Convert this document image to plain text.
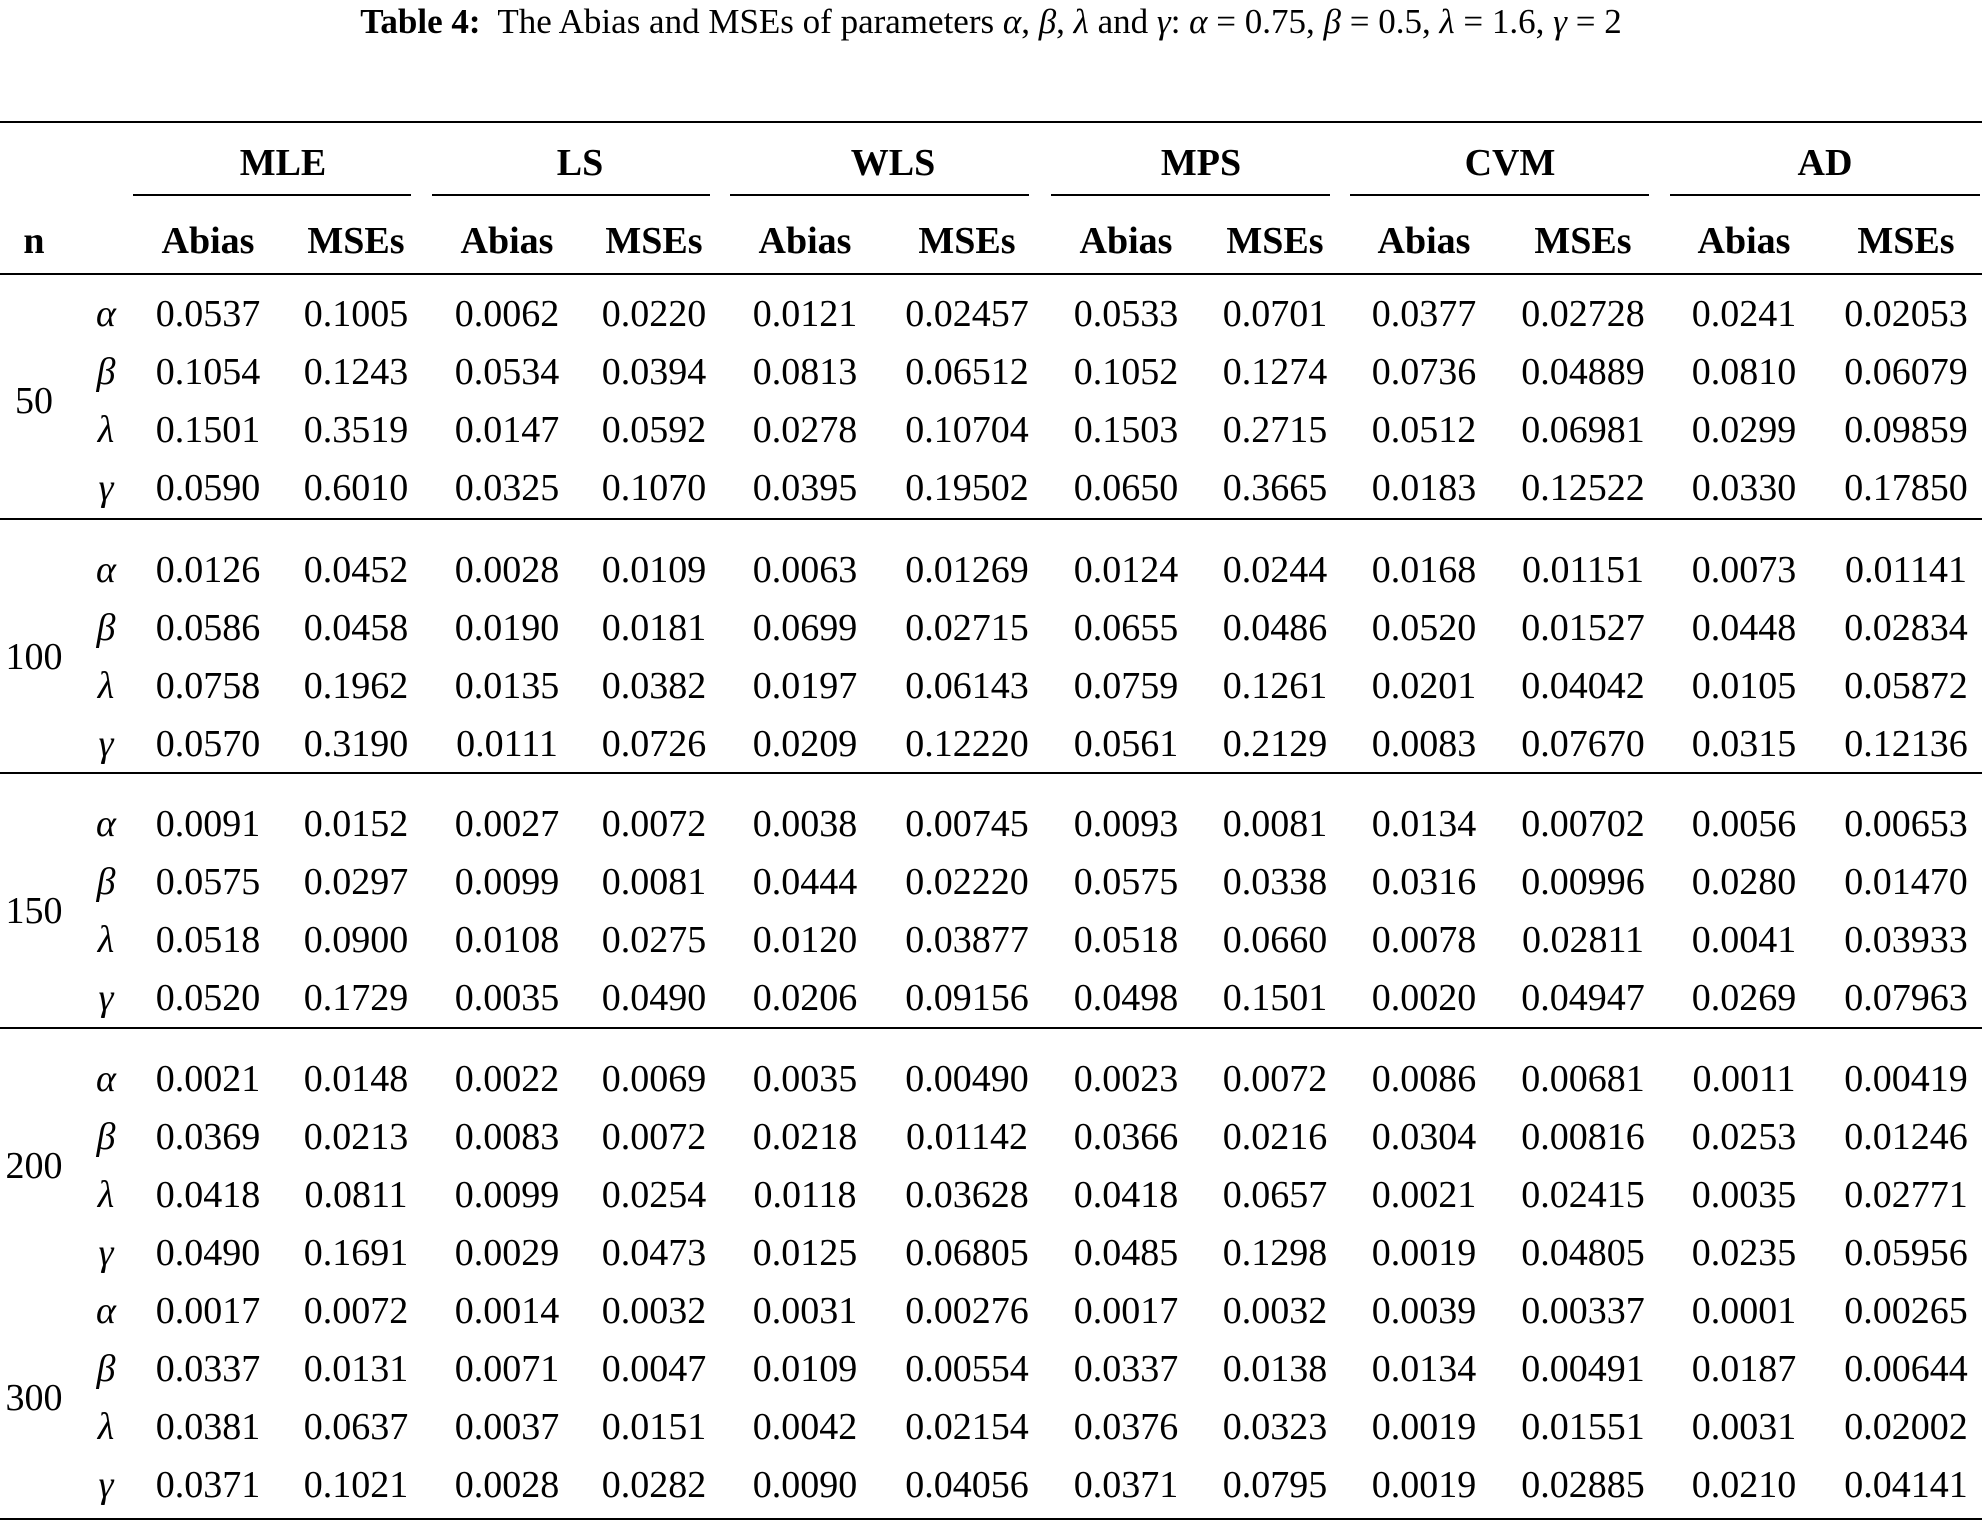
Table 4: The Abias and MSEs of parameters α, β, λ and γ: α = 0.75, β = 0.5, λ = 1.6, γ = 2
MLE	LS	WLS	MPS	CVM	AD
n	Abias MSEs Abias MSEs Abias MSEs Abias MSEs Abias MSEs Abias MSEs
50
α 0.0537 0.1005 0.0062 0.0220 0.0121 0.02457 0.0533 0.0701 0.0377 0.02728 0.0241 0.02053
β 0.1054 0.1243 0.0534 0.0394 0.0813 0.06512 0.1052 0.1274 0.0736 0.04889 0.0810 0.06079
λ 0.1501 0.3519 0.0147 0.0592 0.0278 0.10704 0.1503 0.2715 0.0512 0.06981 0.0299 0.09859
γ 0.0590 0.6010 0.0325 0.1070 0.0395 0.19502 0.0650 0.3665 0.0183 0.12522 0.0330 0.17850
100
α 0.0126 0.0452 0.0028 0.0109 0.0063 0.01269 0.0124 0.0244 0.0168 0.01151 0.0073 0.01141
β 0.0586 0.0458 0.0190 0.0181 0.0699 0.02715 0.0655 0.0486 0.0520 0.01527 0.0448 0.02834
λ 0.0758 0.1962 0.0135 0.0382 0.0197 0.06143 0.0759 0.1261 0.0201 0.04042 0.0105 0.05872
γ 0.0570 0.3190 0.0111 0.0726 0.0209 0.12220 0.0561 0.2129 0.0083 0.07670 0.0315 0.12136
150
α 0.0091 0.0152 0.0027 0.0072 0.0038 0.00745 0.0093 0.0081 0.0134 0.00702 0.0056 0.00653
β 0.0575 0.0297 0.0099 0.0081 0.0444 0.02220 0.0575 0.0338 0.0316 0.00996 0.0280 0.01470
λ 0.0518 0.0900 0.0108 0.0275 0.0120 0.03877 0.0518 0.0660 0.0078 0.02811 0.0041 0.03933
γ 0.0520 0.1729 0.0035 0.0490 0.0206 0.09156 0.0498 0.1501 0.0020 0.04947 0.0269 0.07963
200
α 0.0021 0.0148 0.0022 0.0069 0.0035 0.00490 0.0023 0.0072 0.0086 0.00681 0.0011 0.00419
β 0.0369 0.0213 0.0083 0.0072 0.0218 0.01142 0.0366 0.0216 0.0304 0.00816 0.0253 0.01246
λ 0.0418 0.0811 0.0099 0.0254 0.0118 0.03628 0.0418 0.0657 0.0021 0.02415 0.0035 0.02771
γ 0.0490 0.1691 0.0029 0.0473 0.0125 0.06805 0.0485 0.1298 0.0019 0.04805 0.0235 0.05956
300
α 0.0017 0.0072 0.0014 0.0032 0.0031 0.00276 0.0017 0.0032 0.0039 0.00337 0.0001 0.00265
β 0.0337 0.0131 0.0071 0.0047 0.0109 0.00554 0.0337 0.0138 0.0134 0.00491 0.0187 0.00644
λ 0.0381 0.0637 0.0037 0.0151 0.0042 0.02154 0.0376 0.0323 0.0019 0.01551 0.0031 0.02002
γ 0.0371 0.1021 0.0028 0.0282 0.0090 0.04056 0.0371 0.0795 0.0019 0.02885 0.0210 0.04141
